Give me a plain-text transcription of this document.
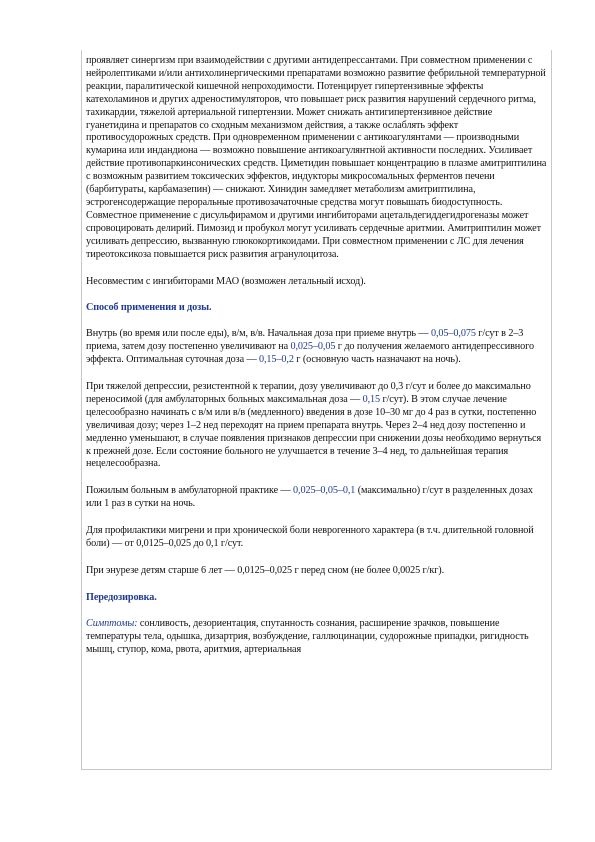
проявляет синергизм при взаимодействии с другими антидепрессантами. При совместном применении с нейролептиками и/или антихолинергическими препаратами возможно развитие фебрильной температурной реакции, паралитической кишечной непроходимости. Потенцирует гипертензивные эффекты катехоламинов и других адреностимуляторов, что повышает риск развития нарушений сердечного ритма, тахикардии, тяжелой артериальной гипертензии. Может снижать антигипертензивное действие гуанетидина и препаратов со сходным механизмом действия, а также ослаблять эффект противосудорожных средств. При одновременном применении с антикоагулянтами — производными кумарина или индандиона — возможно повышение антикоагулянтной активности последних. Усиливает действие противопаркинсонических средств. Циметидин повышает концентрацию в плазме амитриптилина с возможным развитием токсических эффектов, индукторы микросомальных ферментов печени (барбитураты, карбамазепин) — снижают. Хинидин замедляет метаболизм амитриптилина, эстрогенсодержащие пероральные противозачаточные средства могут повышать биодоступность. Совместное применение с дисульфирамом и другими ингибиторами ацетальдегиддегидрогеназы может спровоцировать делирий. Пимозид и пробукол могут усиливать сердечные аритмии. Амитриптилин может усиливать депрессию, вызванную глюкокортикоидами. При совместном применении с ЛС для лечения тиреотоксикоза повышается риск развития агранулоцитоза.

Несовместим с ингибиторами МАО (возможен летальный исход).

Способ применения и дозы.

Внутрь (во время или после еды), в/м, в/в. Начальная доза при приеме внутрь — 0,05–0,075 г/сут в 2–3 приема, затем дозу постепенно увеличивают на 0,025–0,05 г до получения желаемого антидепрессивного эффекта. Оптимальная суточная доза — 0,15–0,2 г (основную часть назначают на ночь).

При тяжелой депрессии, резистентной к терапии, дозу увеличивают до 0,3 г/сут и более до максимально переносимой (для амбулаторных больных максимальная доза — 0,15 г/сут). В этом случае лечение целесообразно начинать с в/м или в/в (медленного) введения в дозе 10–30 мг до 4 раз в сутки, постепенно увеличивая дозу; через 1–2 нед переходят на прием препарата внутрь. Через 2–4 нед дозу постепенно и медленно уменьшают, в случае появления признаков депрессии при снижении дозы необходимо вернуться к прежней дозе. Если состояние больного не улучшается в течение 3–4 нед, то дальнейшая терапия нецелесообразна.

Пожилым больным в амбулаторной практике — 0,025–0,05–0,1 (максимально) г/сут в разделенных дозах или 1 раз в сутки на ночь.

Для профилактики мигрени и при хронической боли неврогенного характера (в т.ч. длительной головной боли) — от 0,0125–0,025 до 0,1 г/сут.

При энурезе детям старше 6 лет — 0,0125–0,025 г перед сном (не более 0,0025 г/кг).

Передозировка.

Симптомы: сонливость, дезориентация, спутанность сознания, расширение зрачков, повышение температуры тела, одышка, дизартрия, возбуждение, галлюцинации, судорожные припадки, ригидность мышц, ступор, кома, рвота, аритмия, артериальная
